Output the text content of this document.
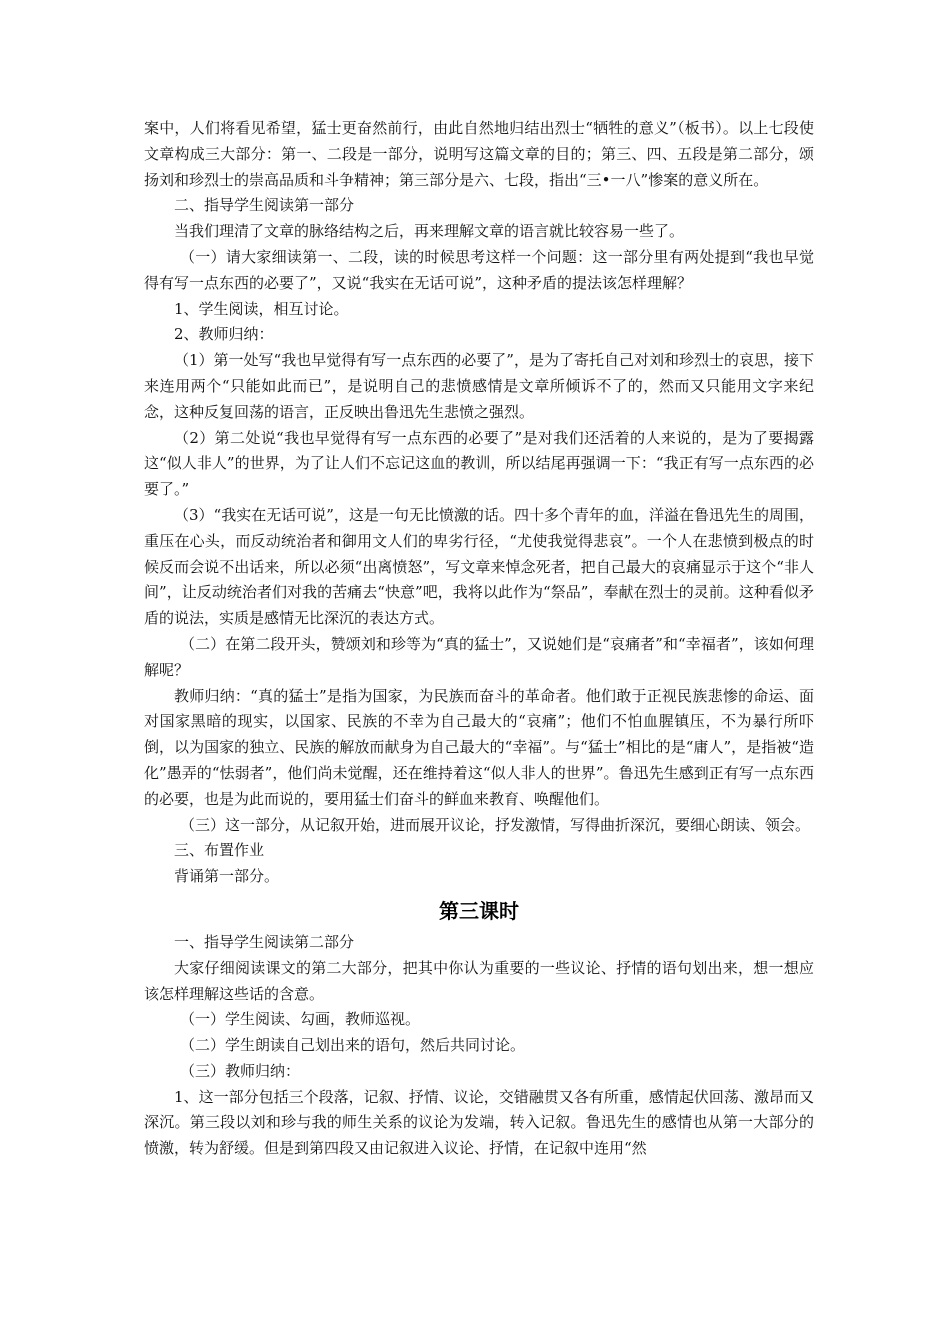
案中，人们将看见希望，猛士更奋然前行，由此自然地归结出烈士“牺牲的意义”（板书）。以上七段使文章构成三大部分：第一、二段是一部分，说明写这篇文章的目的；第三、四、五段是第二部分，颂扬刘和珍烈士的崇高品质和斗争精神；第三部分是六、七段，指出“三•一八”惨案的意义所在。

二、指导学生阅读第一部分

当我们理清了文章的脉络结构之后，再来理解文章的语言就比较容易一些了。

（一）请大家细读第一、二段，读的时候思考这样一个问题：这一部分里有两处提到“我也早觉得有写一点东西的必要了”，又说“我实在无话可说”，这种矛盾的提法该怎样理解？

1、学生阅读，相互讨论。

2、教师归纳：

（1）第一处写“我也早觉得有写一点东西的必要了”，是为了寄托自己对刘和珍烈士的哀思，接下来连用两个“只能如此而已”，是说明自己的悲愤感情是文章所倾诉不了的，然而又只能用文字来纪念，这种反复回荡的语言，正反映出鲁迅先生悲愤之强烈。

（2）第二处说“我也早觉得有写一点东西的必要了”是对我们还活着的人来说的，是为了要揭露这“似人非人”的世界，为了让人们不忘记这血的教训，所以结尾再强调一下：“我正有写一点东西的必要了。”

（3）“我实在无话可说”，这是一句无比愤激的话。四十多个青年的血，洋溢在鲁迅先生的周围，重压在心头，而反动统治者和御用文人们的卑劣行径，“尤使我觉得悲哀”。一个人在悲愤到极点的时候反而会说不出话来，所以必须“出离愤怒”，写文章来悼念死者，把自己最大的哀痛显示于这个“非人间”，让反动统治者们对我的苦痛去“快意”吧，我将以此作为“祭品”，奉献在烈士的灵前。这种看似矛盾的说法，实质是感情无比深沉的表达方式。

（二）在第二段开头，赞颂刘和珍等为“真的猛士”，又说她们是“哀痛者”和“幸福者”，该如何理解呢？

教师归纳：“真的猛士”是指为国家，为民族而奋斗的革命者。他们敢于正视民族悲惨的命运、面对国家黑暗的现实，以国家、民族的不幸为自己最大的“哀痛”；他们不怕血腥镇压，不为暴行所吓倒，以为国家的独立、民族的解放而献身为自己最大的“幸福”。与“猛士”相比的是“庸人”，是指被“造化”愚弄的“怯弱者”，他们尚未觉醒，还在维持着这“似人非人的世界”。鲁迅先生感到正有写一点东西的必要，也是为此而说的，要用猛士们奋斗的鲜血来教育、唤醒他们。

（三）这一部分，从记叙开始，进而展开议论，抒发激情，写得曲折深沉，要细心朗读、领会。

三、布置作业

背诵第一部分。

第三课时

一、指导学生阅读第二部分

大家仔细阅读课文的第二大部分，把其中你认为重要的一些议论、抒情的语句划出来，想一想应该怎样理解这些话的含意。

（一）学生阅读、勾画，教师巡视。

（二）学生朗读自己划出来的语句，然后共同讨论。

（三）教师归纳：

1、这一部分包括三个段落，记叙、抒情、议论，交错融贯又各有所重，感情起伏回荡、激昂而又深沉。第三段以刘和珍与我的师生关系的议论为发端，转入记叙。鲁迅先生的感情也从第一大部分的愤激，转为舒缓。但是到第四段又由记叙进入议论、抒情，在记叙中连用“然
